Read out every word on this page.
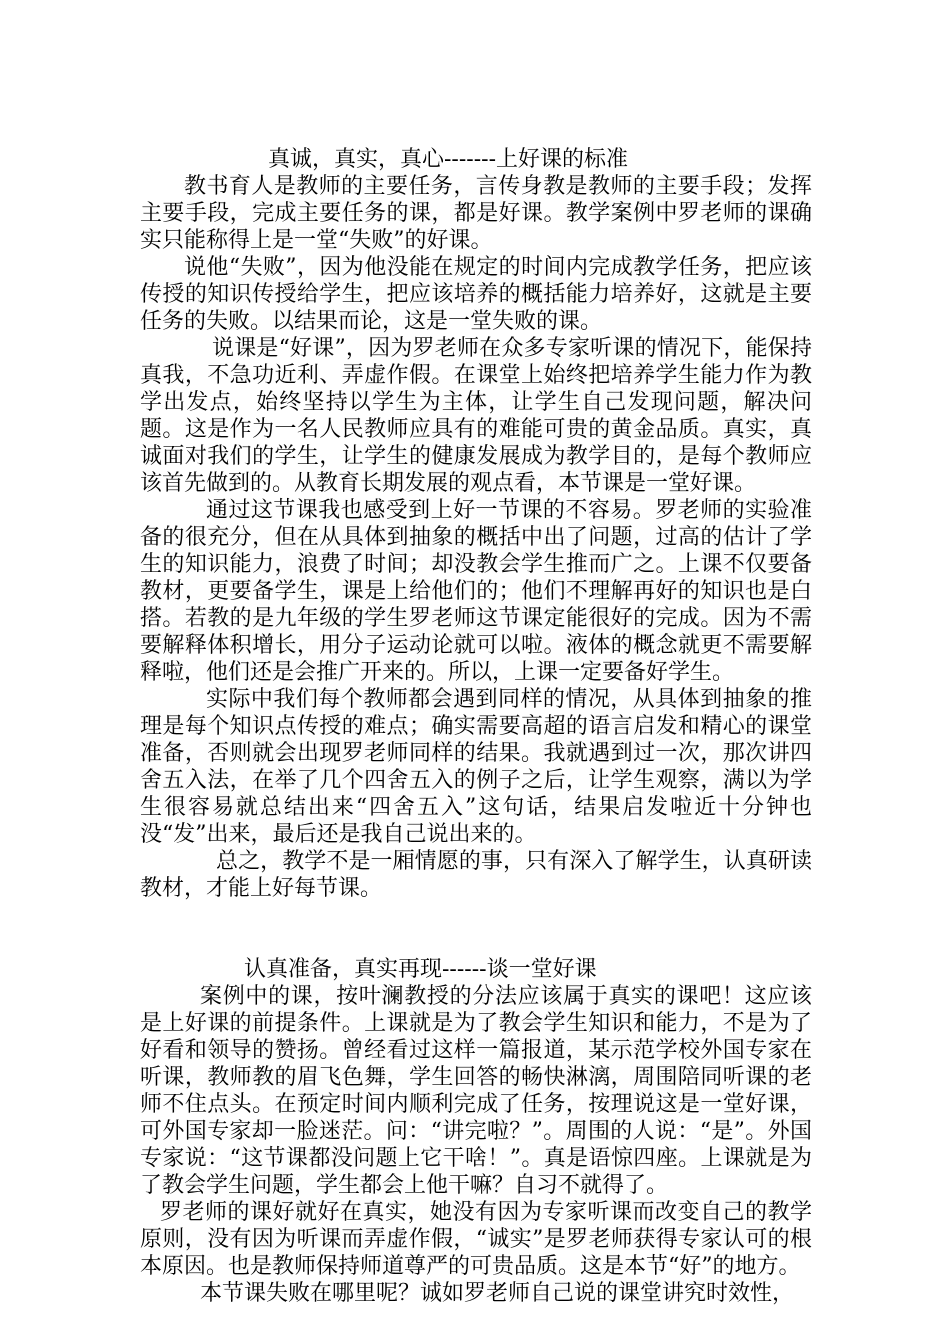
真诚，真实，真心-------上好课的标准

教书育人是教师的主要任务，言传身教是教师的主要手段；发挥主要手段，完成主要任务的课，都是好课。教学案例中罗老师的课确实只能称得上是一堂“失败”的好课。

说他“失败”，因为他没能在规定的时间内完成教学任务，把应该传授的知识传授给学生，把应该培养的概括能力培养好，这就是主要任务的失败。以结果而论，这是一堂失败的课。

说课是“好课”，因为罗老师在众多专家听课的情况下，能保持真我，不急功近利、弄虚作假。在课堂上始终把培养学生能力作为教学出发点，始终坚持以学生为主体，让学生自己发现问题，解决问题。这是作为一名人民教师应具有的难能可贵的黄金品质。真实，真诚面对我们的学生，让学生的健康发展成为教学目的，是每个教师应该首先做到的。从教育长期发展的观点看，本节课是一堂好课。

通过这节课我也感受到上好一节课的不容易。罗老师的实验准备的很充分，但在从具体到抽象的概括中出了问题，过高的估计了学生的知识能力，浪费了时间；却没教会学生推而广之。上课不仅要备教材，更要备学生，课是上给他们的；他们不理解再好的知识也是白搭。若教的是九年级的学生罗老师这节课定能很好的完成。因为不需要解释体积增长，用分子运动论就可以啦。液体的概念就更不需要解释啦，他们还是会推广开来的。所以，上课一定要备好学生。

实际中我们每个教师都会遇到同样的情况，从具体到抽象的推理是每个知识点传授的难点；确实需要高超的语言启发和精心的课堂准备，否则就会出现罗老师同样的结果。我就遇到过一次，那次讲四舍五入法，在举了几个四舍五入的例子之后，让学生观察，满以为学生很容易就总结出来“四舍五入”这句话，结果启发啦近十分钟也没“发”出来，最后还是我自己说出来的。

总之，教学不是一厢情愿的事，只有深入了解学生，认真研读教材，才能上好每节课。

认真准备，真实再现------谈一堂好课

案例中的课，按叶澜教授的分法应该属于真实的课吧！这应该是上好课的前提条件。上课就是为了教会学生知识和能力，不是为了好看和领导的赞扬。曾经看过这样一篇报道，某示范学校外国专家在听课，教师教的眉飞色舞，学生回答的畅快淋漓，周围陪同听课的老师不住点头。在预定时间内顺利完成了任务，按理说这是一堂好课，可外国专家却一脸迷茫。问：“讲完啦？”。周围的人说：“是”。外国专家说：“这节课都没问题上它干啥！”。真是语惊四座。上课就是为了教会学生问题，学生都会上他干嘛？自习不就得了。

罗老师的课好就好在真实，她没有因为专家听课而改变自己的教学原则，没有因为听课而弄虚作假，“诚实”是罗老师获得专家认可的根本原因。也是教师保持师道尊严的可贵品质。这是本节“好”的地方。

本节课失败在哪里呢？诚如罗老师自己说的课堂讲究时效性，
